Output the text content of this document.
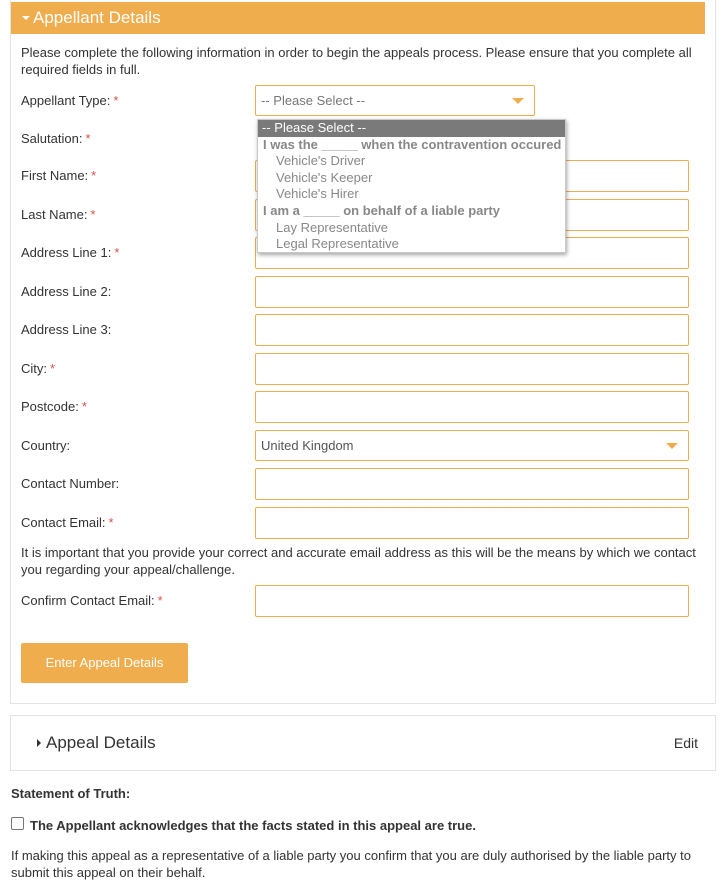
Appellant Details
Please complete the following information in order to begin the appeals process. Please ensure that you complete all required fields in full.
Appellant Type: *	-- Please Select --
Salutation: *
First Name: *
Last Name: *
Address Line 1: *
Address Line 2:
Address Line 3:
City: *
Postcode: *
Country:	United Kingdom
Contact Number:
Contact Email: *
It is important that you provide your correct and accurate email address as this will be the means by which we contact you regarding your appeal/challenge.
Confirm Contact Email: *
Enter Appeal Details
-- Please Select --
I was the _____ when the contravention occured
Vehicle's Driver
Vehicle's Keeper
Vehicle's Hirer
I am a _____ on behalf of a liable party
Lay Representative
Legal Representative
Appeal Details	Edit
Statement of Truth:
The Appellant acknowledges that the facts stated in this appeal are true.
If making this appeal as a representative of a liable party you confirm that you are duly authorised by the liable party to submit this appeal on their behalf.
